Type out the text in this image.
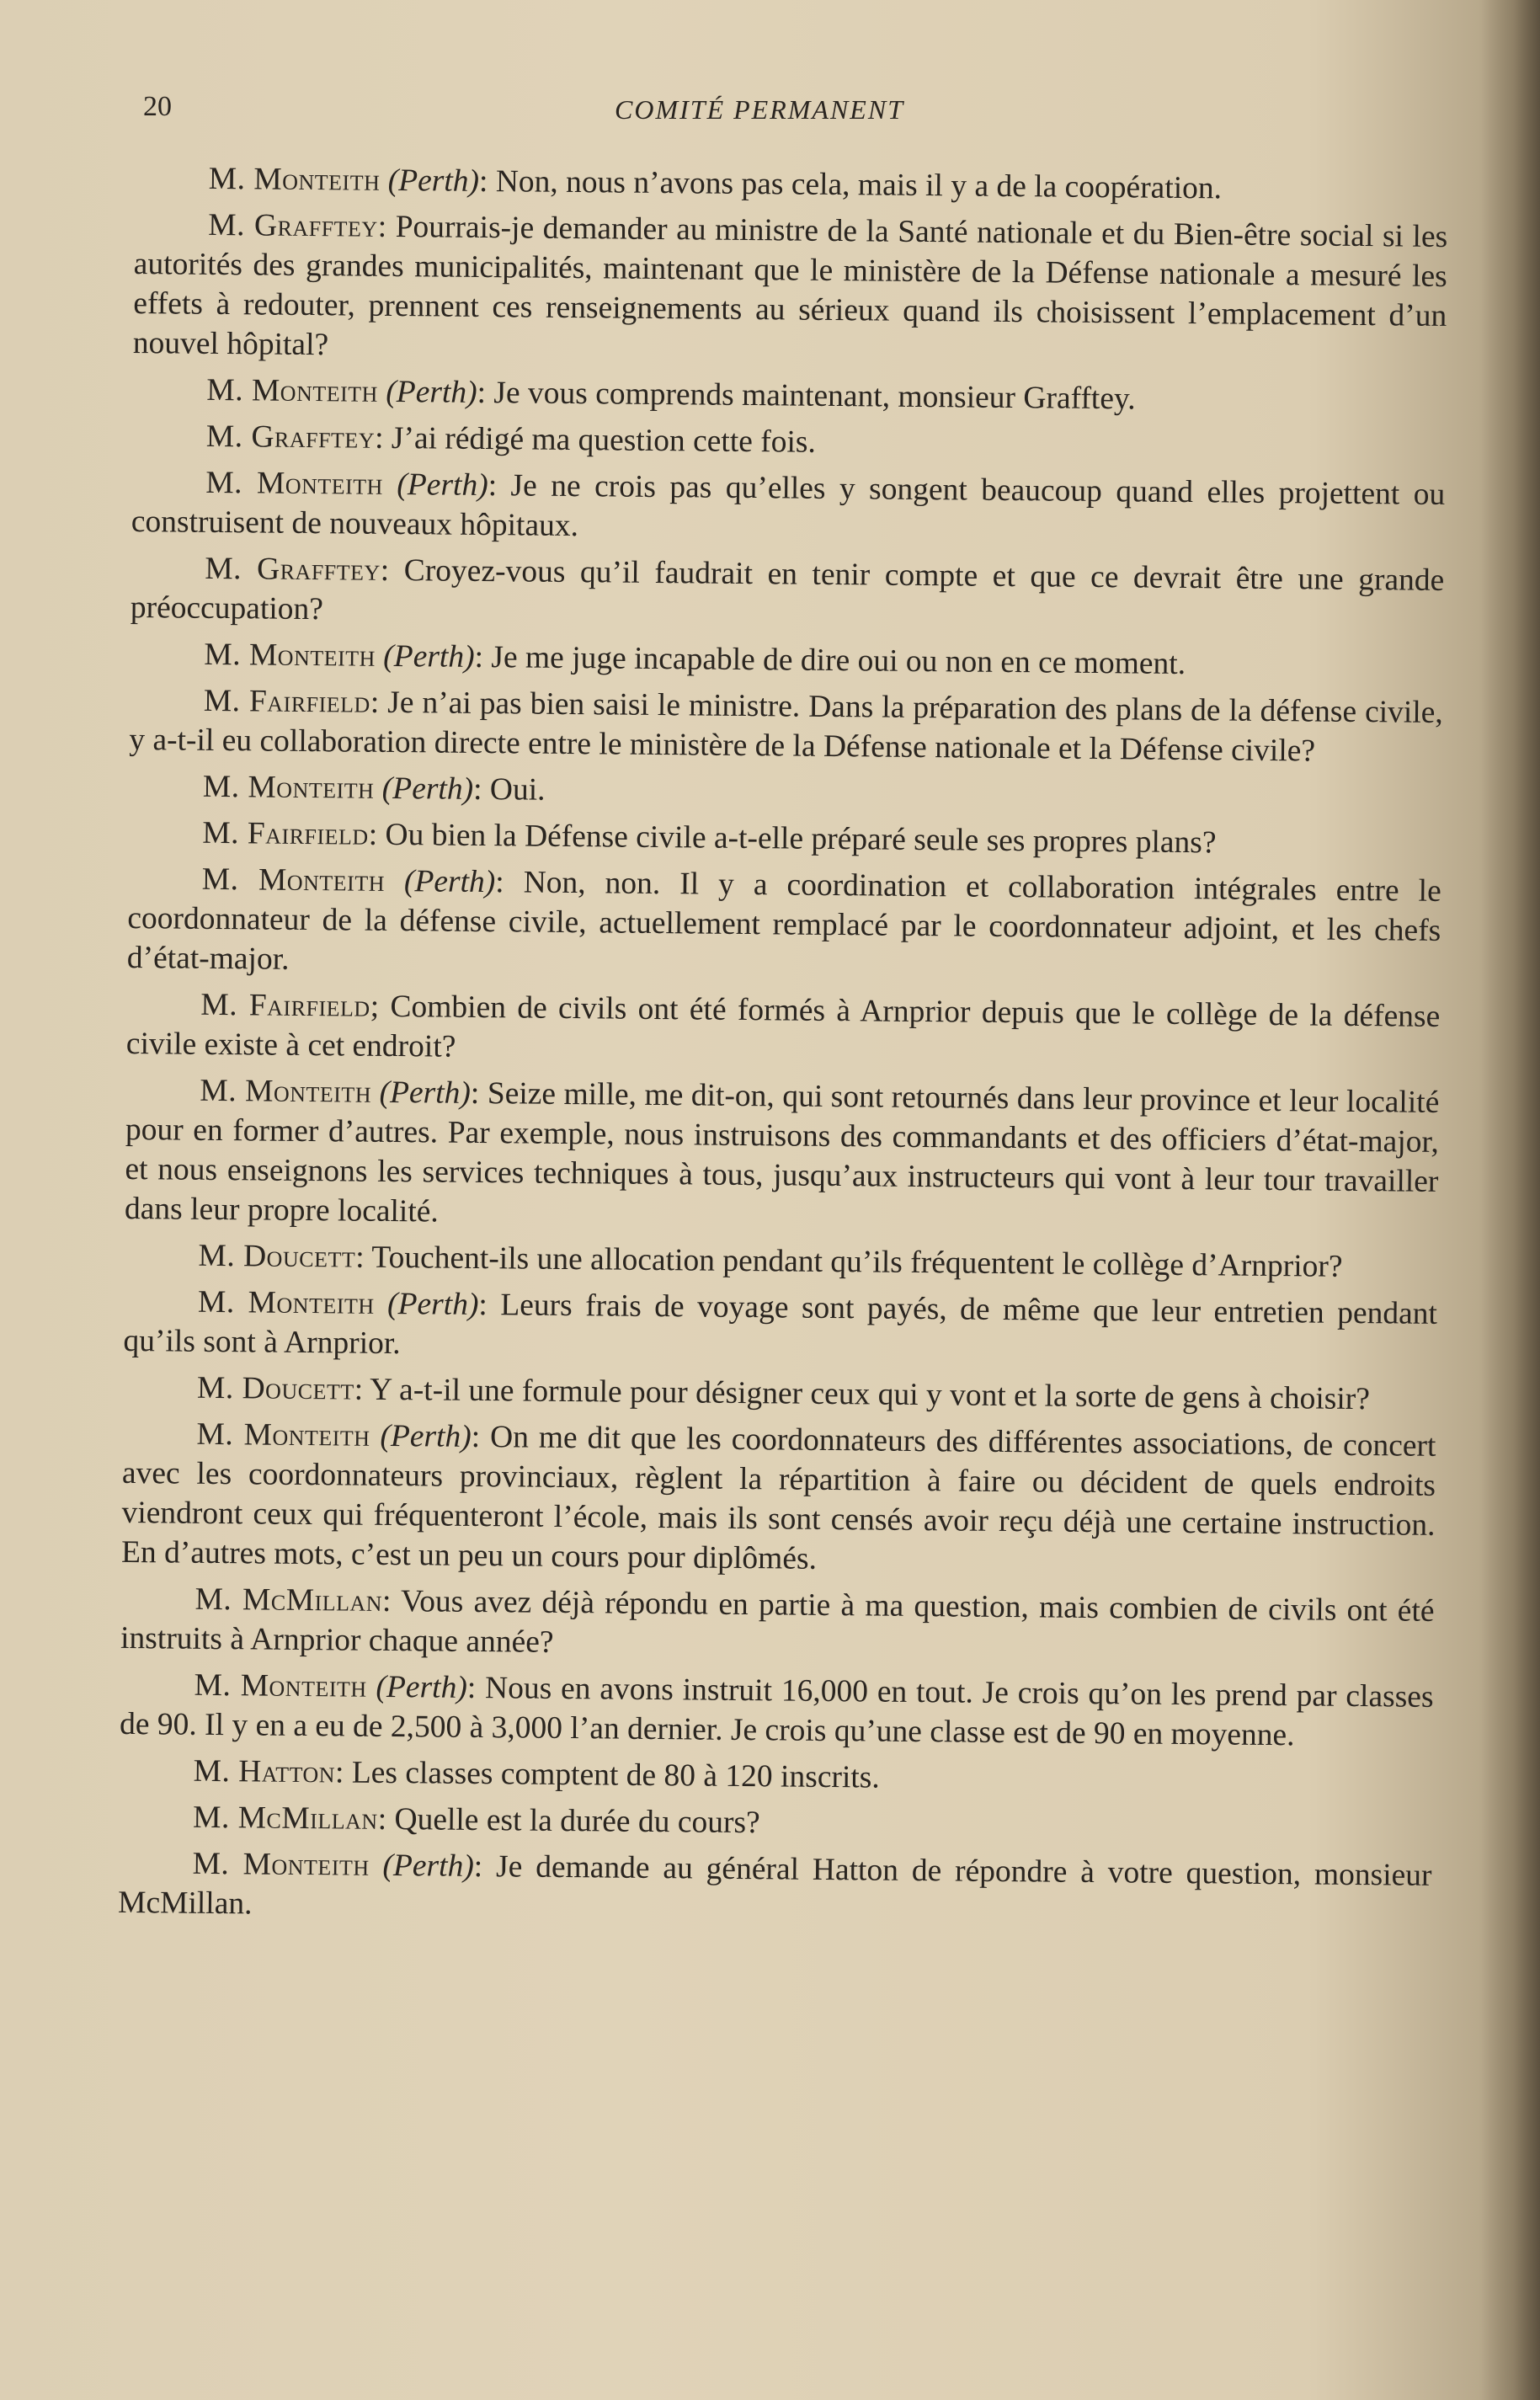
20	COMITÉ PERMANENT

M. Monteith (Perth): Non, nous n’avons pas cela, mais il y a de la coopération.

M. Grafftey: Pourrais-je demander au ministre de la Santé nationale et du Bien-être social si les autorités des grandes municipalités, maintenant que le ministère de la Défense nationale a mesuré les effets à redouter, prennent ces renseignements au sérieux quand ils choisissent l’emplacement d’un nouvel hôpital?

M. Monteith (Perth): Je vous comprends maintenant, monsieur Grafftey.

M. Grafftey: J’ai rédigé ma question cette fois.

M. Monteith (Perth): Je ne crois pas qu’elles y songent beaucoup quand elles projettent ou construisent de nouveaux hôpitaux.

M. Grafftey: Croyez-vous qu’il faudrait en tenir compte et que ce devrait être une grande préoccupation?

M. Monteith (Perth): Je me juge incapable de dire oui ou non en ce moment.

M. Fairfield: Je n’ai pas bien saisi le ministre. Dans la préparation des plans de la défense civile, y a-t-il eu collaboration directe entre le ministère de la Défense nationale et la Défense civile?

M. Monteith (Perth): Oui.

M. Fairfield: Ou bien la Défense civile a-t-elle préparé seule ses propres plans?

M. Monteith (Perth): Non, non. Il y a coordination et collaboration intégrales entre le coordonnateur de la défense civile, actuellement remplacé par le coordonnateur adjoint, et les chefs d’état-major.

M. Fairfield; Combien de civils ont été formés à Arnprior depuis que le collège de la défense civile existe à cet endroit?

M. Monteith (Perth): Seize mille, me dit-on, qui sont retournés dans leur province et leur localité pour en former d’autres. Par exemple, nous instruisons des commandants et des officiers d’état-major, et nous enseignons les services techniques à tous, jusqu’aux instructeurs qui vont à leur tour travailler dans leur propre localité.

M. Doucett: Touchent-ils une allocation pendant qu’ils fréquentent le collège d’Arnprior?

M. Monteith (Perth): Leurs frais de voyage sont payés, de même que leur entretien pendant qu’ils sont à Arnprior.

M. Doucett: Y a-t-il une formule pour désigner ceux qui y vont et la sorte de gens à choisir?

M. Monteith (Perth): On me dit que les coordonnateurs des différentes associations, de concert avec les coordonnateurs provinciaux, règlent la répartition à faire ou décident de quels endroits viendront ceux qui fréquenteront l’école, mais ils sont censés avoir reçu déjà une certaine instruction. En d’autres mots, c’est un peu un cours pour diplômés.

M. McMillan: Vous avez déjà répondu en partie à ma question, mais combien de civils ont été instruits à Arnprior chaque année?

M. Monteith (Perth): Nous en avons instruit 16,000 en tout. Je crois qu’on les prend par classes de 90. Il y en a eu de 2,500 à 3,000 l’an dernier. Je crois qu’une classe est de 90 en moyenne.

M. Hatton: Les classes comptent de 80 à 120 inscrits.

M. McMillan: Quelle est la durée du cours?

M. Monteith (Perth): Je demande au général Hatton de répondre à votre question, monsieur McMillan.
